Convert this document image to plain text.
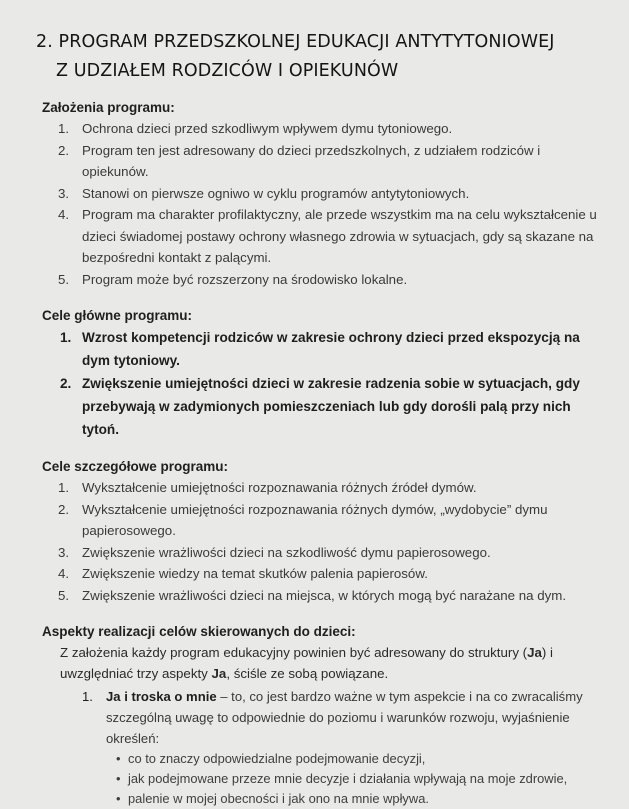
2. PROGRAM PRZEDSZKOLNEJ EDUKACJI ANTYTYTONIOWEJ
Z UDZIAŁEM RODZICÓW I OPIEKUNÓW
Założenia programu:
1. Ochrona dzieci przed szkodliwym wpływem dymu tytoniowego.
2. Program ten jest adresowany do dzieci przedszkolnych, z udziałem rodziców i opiekunów.
3. Stanowi on pierwsze ogniwo w cyklu programów antytytoniowych.
4. Program ma charakter profilaktyczny, ale przede wszystkim ma na celu wykształcenie u dzieci świadomej postawy ochrony własnego zdrowia w sytuacjach, gdy są skazane na bezpośredni kontakt z palącymi.
5. Program może być rozszerzony na środowisko lokalne.
Cele główne programu:
1. Wzrost kompetencji rodziców w zakresie ochrony dzieci przed ekspozycją na dym tytoniowy.
2. Zwiększenie umiejętności dzieci w zakresie radzenia sobie w sytuacjach, gdy przebywają w zadymionych pomieszczeniach lub gdy dorośli palą przy nich tytoń.
Cele szczegółowe programu:
1. Wykształcenie umiejętności rozpoznawania różnych źródeł dymów.
2. Wykształcenie umiejętności rozpoznawania różnych dymów, „wydobycie” dymu papierosowego.
3. Zwiększenie wrażliwości dzieci na szkodliwość dymu papierosowego.
4. Zwiększenie wiedzy na temat skutków palenia papierosów.
5. Zwiększenie wrażliwości dzieci na miejsca, w których mogą być narażane na dym.
Aspekty realizacji celów skierowanych do dzieci:
Z założenia każdy program edukacyjny powinien być adresowany do struktury (Ja) i uwzględniać trzy aspekty Ja, ściśle ze sobą powiązane.
1. Ja i troska o mnie – to, co jest bardzo ważne w tym aspekcie i na co zwracaliśmy szczególną uwagę to odpowiednie do poziomu i warunków rozwoju, wyjaśnienie określeń:
• co to znaczy odpowiedzialne podejmowanie decyzji,
• jak podejmowane przeze mnie decyzje i działania wpływają na moje zdrowie,
• palenie w mojej obecności i jak ono na mnie wpływa.
